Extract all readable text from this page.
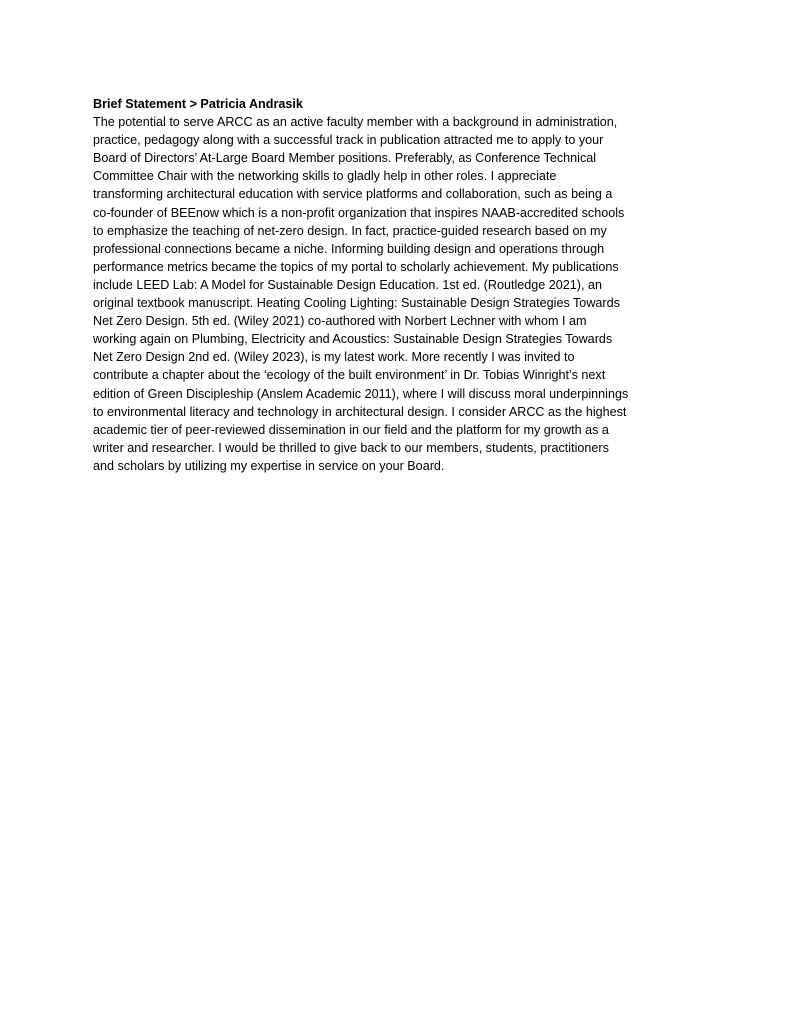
Brief Statement > Patricia Andrasik

The potential to serve ARCC as an active faculty member with a background in administration,
practice, pedagogy along with a successful track in publication attracted me to apply to your
Board of Directors’ At-Large Board Member positions. Preferably, as Conference Technical
Committee Chair with the networking skills to gladly help in other roles. I appreciate
transforming architectural education with service platforms and collaboration, such as being a
co-founder of BEEnow which is a non-profit organization that inspires NAAB-accredited schools
to emphasize the teaching of net-zero design. In fact, practice-guided research based on my
professional connections became a niche. Informing building design and operations through
performance metrics became the topics of my portal to scholarly achievement. My publications
include LEED Lab: A Model for Sustainable Design Education. 1st ed. (Routledge 2021), an
original textbook manuscript. Heating Cooling Lighting: Sustainable Design Strategies Towards
Net Zero Design. 5th ed. (Wiley 2021) co-authored with Norbert Lechner with whom I am
working again on Plumbing, Electricity and Acoustics: Sustainable Design Strategies Towards
Net Zero Design 2nd ed. (Wiley 2023), is my latest work. More recently I was invited to
contribute a chapter about the ‘ecology of the built environment’ in Dr. Tobias Winright’s next
edition of Green Discipleship (Anslem Academic 2011), where I will discuss moral underpinnings
to environmental literacy and technology in architectural design. I consider ARCC as the highest
academic tier of peer-reviewed dissemination in our field and the platform for my growth as a
writer and researcher. I would be thrilled to give back to our members, students, practitioners
and scholars by utilizing my expertise in service on your Board.
